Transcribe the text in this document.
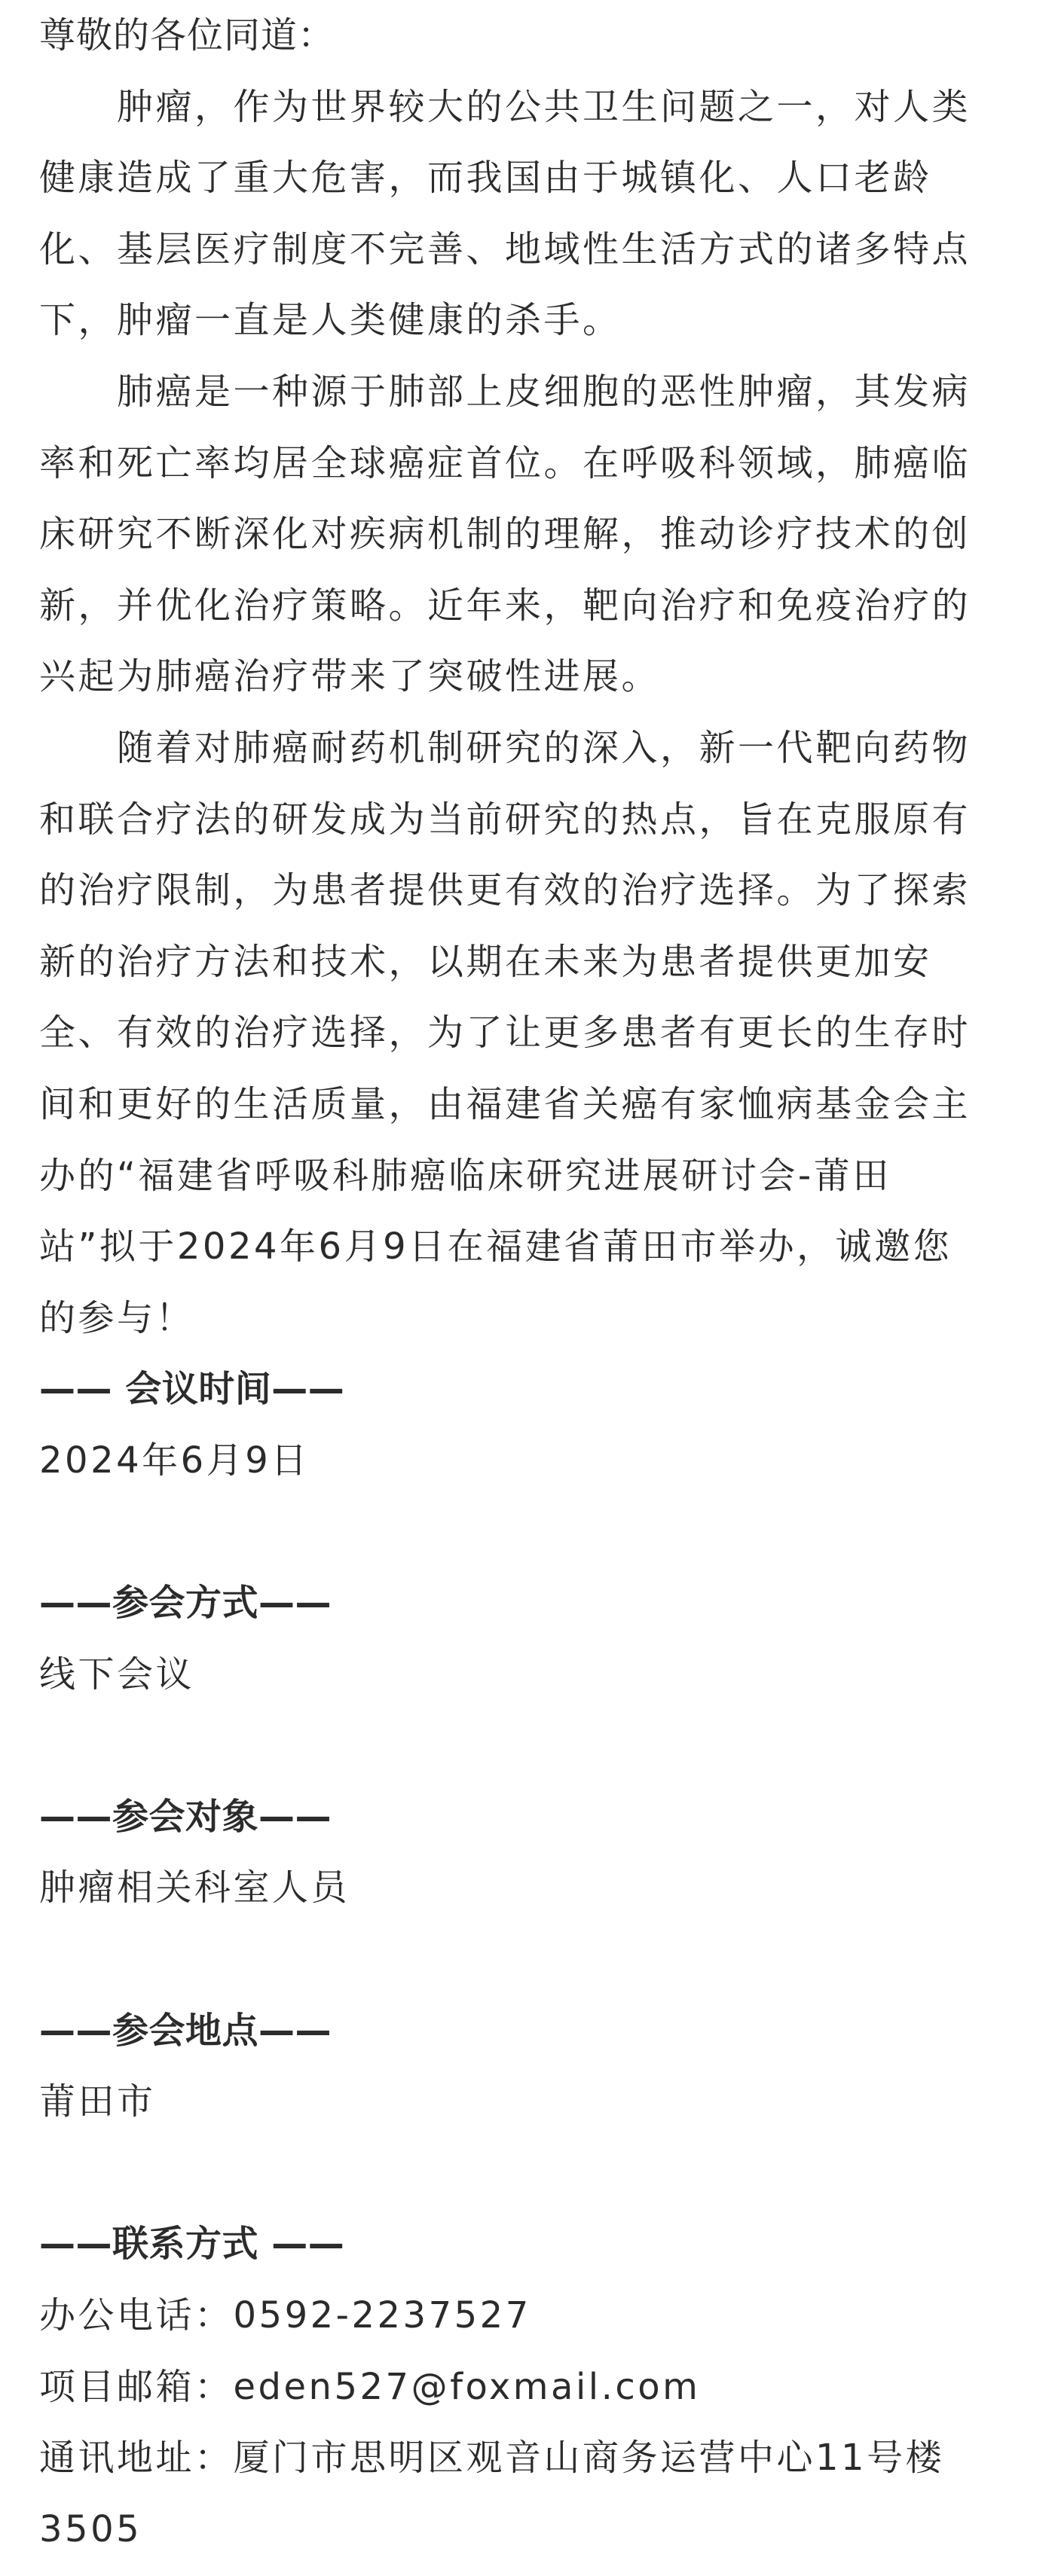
尊敬的各位同道：
　　肿瘤，作为世界较大的公共卫生问题之一，对人类
健康造成了重大危害，而我国由于城镇化、人口老龄
化、基层医疗制度不完善、地域性生活方式的诸多特点
下，肿瘤一直是人类健康的杀手。
　　肺癌是一种源于肺部上皮细胞的恶性肿瘤，其发病
率和死亡率均居全球癌症首位。在呼吸科领域，肺癌临
床研究不断深化对疾病机制的理解，推动诊疗技术的创
新，并优化治疗策略。近年来，靶向治疗和免疫治疗的
兴起为肺癌治疗带来了突破性进展。
　　随着对肺癌耐药机制研究的深入，新一代靶向药物
和联合疗法的研发成为当前研究的热点，旨在克服原有
的治疗限制，为患者提供更有效的治疗选择。为了探索
新的治疗方法和技术，以期在未来为患者提供更加安
全、有效的治疗选择，为了让更多患者有更长的生存时
间和更好的生活质量，由福建省关癌有家恤病基金会主
办的“福建省呼吸科肺癌临床研究进展研讨会-莆田
站”拟于2024年6月9日在福建省莆田市举办，诚邀您
的参与！
—— 会议时间——
2024年6月9日
——参会方式——
线下会议
——参会对象——
肿瘤相关科室人员
——参会地点——
莆田市
——联系方式 ——
办公电话：0592-2237527
项目邮箱：eden527@foxmail.com
通讯地址：厦门市思明区观音山商务运营中心11号楼
3505
